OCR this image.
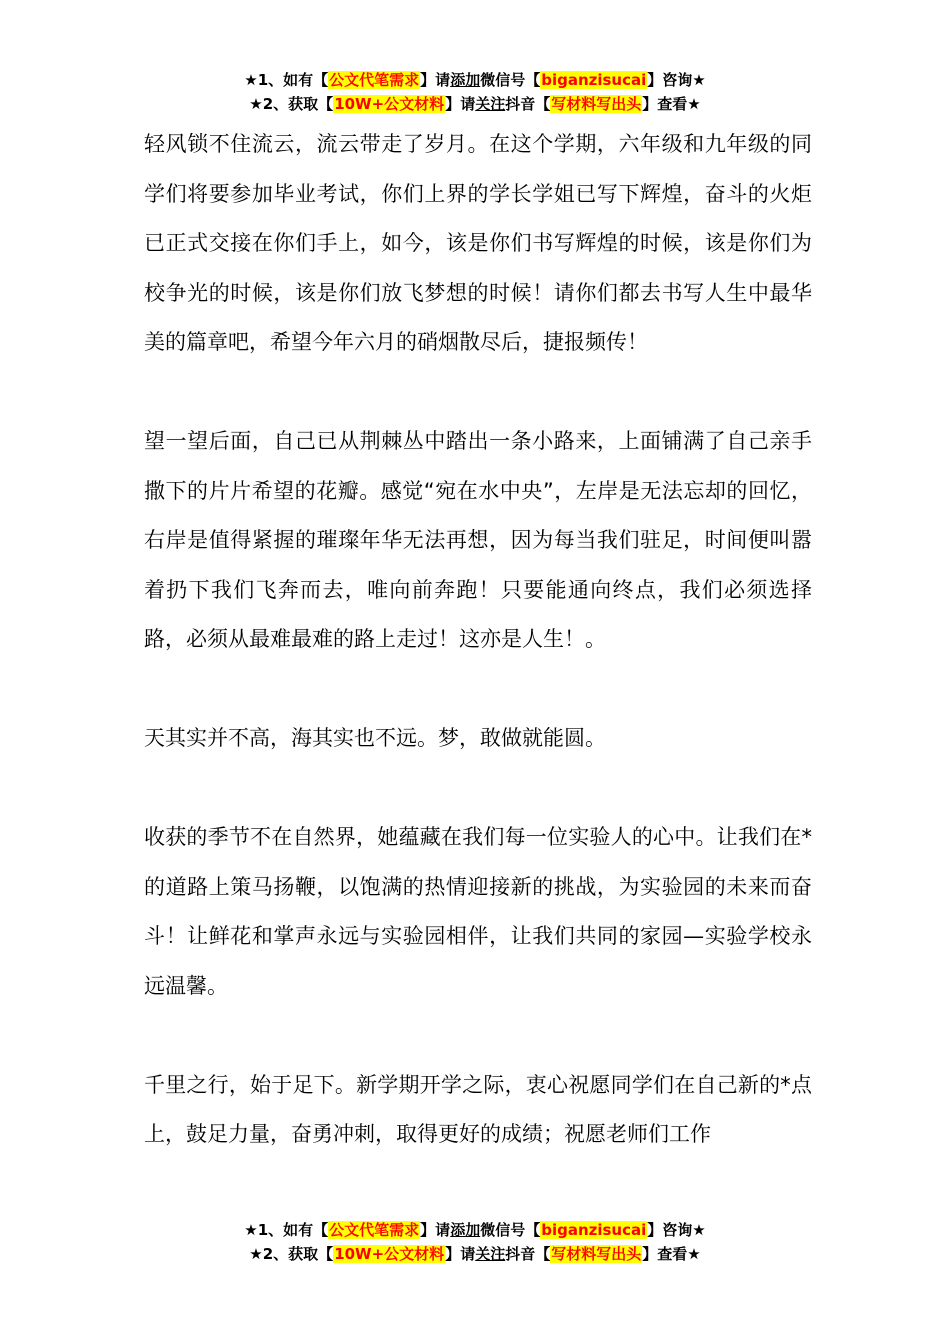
★1、如有【公文代笔需求】请添加微信号【biganzisucai】咨询★
★2、获取【10W+公文材料】请关注抖音【写材料写出头】查看★

轻风锁不住流云，流云带走了岁月。在这个学期，六年级和九年级的同学们将要参加毕业考试，你们上界的学长学姐已写下辉煌，奋斗的火炬已正式交接在你们手上，如今，该是你们书写辉煌的时候，该是你们为校争光的时候，该是你们放飞梦想的时候！请你们都去书写人生中最华美的篇章吧，希望今年六月的硝烟散尽后，捷报频传！

望一望后面，自己已从荆棘丛中踏出一条小路来，上面铺满了自己亲手撒下的片片希望的花瓣。感觉“宛在水中央”，左岸是无法忘却的回忆，右岸是值得紧握的璀璨年华无法再想，因为每当我们驻足，时间便叫嚣着扔下我们飞奔而去，唯向前奔跑！只要能通向终点，我们必须选择路，必须从最难最难的路上走过！这亦是人生！。

天其实并不高，海其实也不远。梦，敢做就能圆。

收获的季节不在自然界，她蕴藏在我们每一位实验人的心中。让我们在*的道路上策马扬鞭，以饱满的热情迎接新的挑战，为实验园的未来而奋斗！让鲜花和掌声永远与实验园相伴，让我们共同的家园—实验学校永远温馨。

千里之行，始于足下。新学期开学之际，衷心祝愿同学们在自己新的*点上，鼓足力量，奋勇冲刺，取得更好的成绩；祝愿老师们工作

★1、如有【公文代笔需求】请添加微信号【biganzisucai】咨询★
★2、获取【10W+公文材料】请关注抖音【写材料写出头】查看★
